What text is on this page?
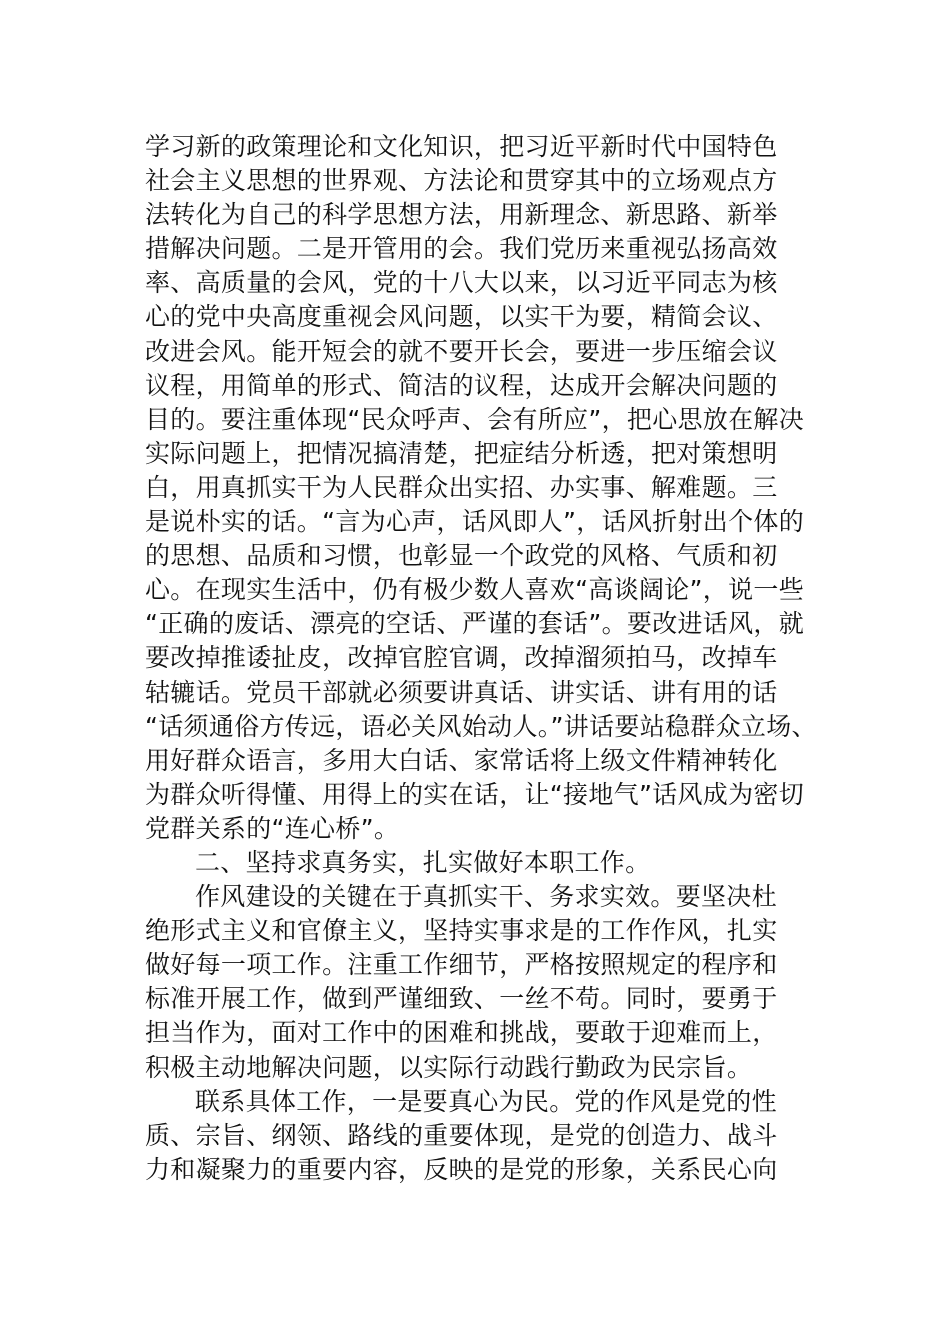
学习新的政策理论和文化知识，把习近平新时代中国特色
社会主义思想的世界观、方法论和贯穿其中的立场观点方
法转化为自己的科学思想方法，用新理念、新思路、新举
措解决问题。二是开管用的会。我们党历来重视弘扬高效
率、高质量的会风，党的十八大以来，以习近平同志为核
心的党中央高度重视会风问题，以实干为要，精简会议、
改进会风。能开短会的就不要开长会，要进一步压缩会议
议程，用简单的形式、简洁的议程，达成开会解决问题的
目的。要注重体现“民众呼声、会有所应”，把心思放在解决
实际问题上，把情况搞清楚，把症结分析透，把对策想明
白，用真抓实干为人民群众出实招、办实事、解难题。三
是说朴实的话。“言为心声，话风即人”，话风折射出个体的
的思想、品质和习惯，也彰显一个政党的风格、气质和初
心。在现实生活中，仍有极少数人喜欢“高谈阔论”，说一些
“正确的废话、漂亮的空话、严谨的套话”。要改进话风，就
要改掉推诿扯皮，改掉官腔官调，改掉溜须拍马，改掉车
轱辘话。党员干部就必须要讲真话、讲实话、讲有用的话
“话须通俗方传远，语必关风始动人。”讲话要站稳群众立场、
用好群众语言，多用大白话、家常话将上级文件精神转化
为群众听得懂、用得上的实在话，让“接地气”话风成为密切
党群关系的“连心桥”。
二、坚持求真务实，扎实做好本职工作。
作风建设的关键在于真抓实干、务求实效。要坚决杜
绝形式主义和官僚主义，坚持实事求是的工作作风，扎实
做好每一项工作。注重工作细节，严格按照规定的程序和
标准开展工作，做到严谨细致、一丝不苟。同时，要勇于
担当作为，面对工作中的困难和挑战，要敢于迎难而上，
积极主动地解决问题，以实际行动践行勤政为民宗旨。
联系具体工作，一是要真心为民。党的作风是党的性
质、宗旨、纲领、路线的重要体现，是党的创造力、战斗
力和凝聚力的重要内容，反映的是党的形象，关系民心向
